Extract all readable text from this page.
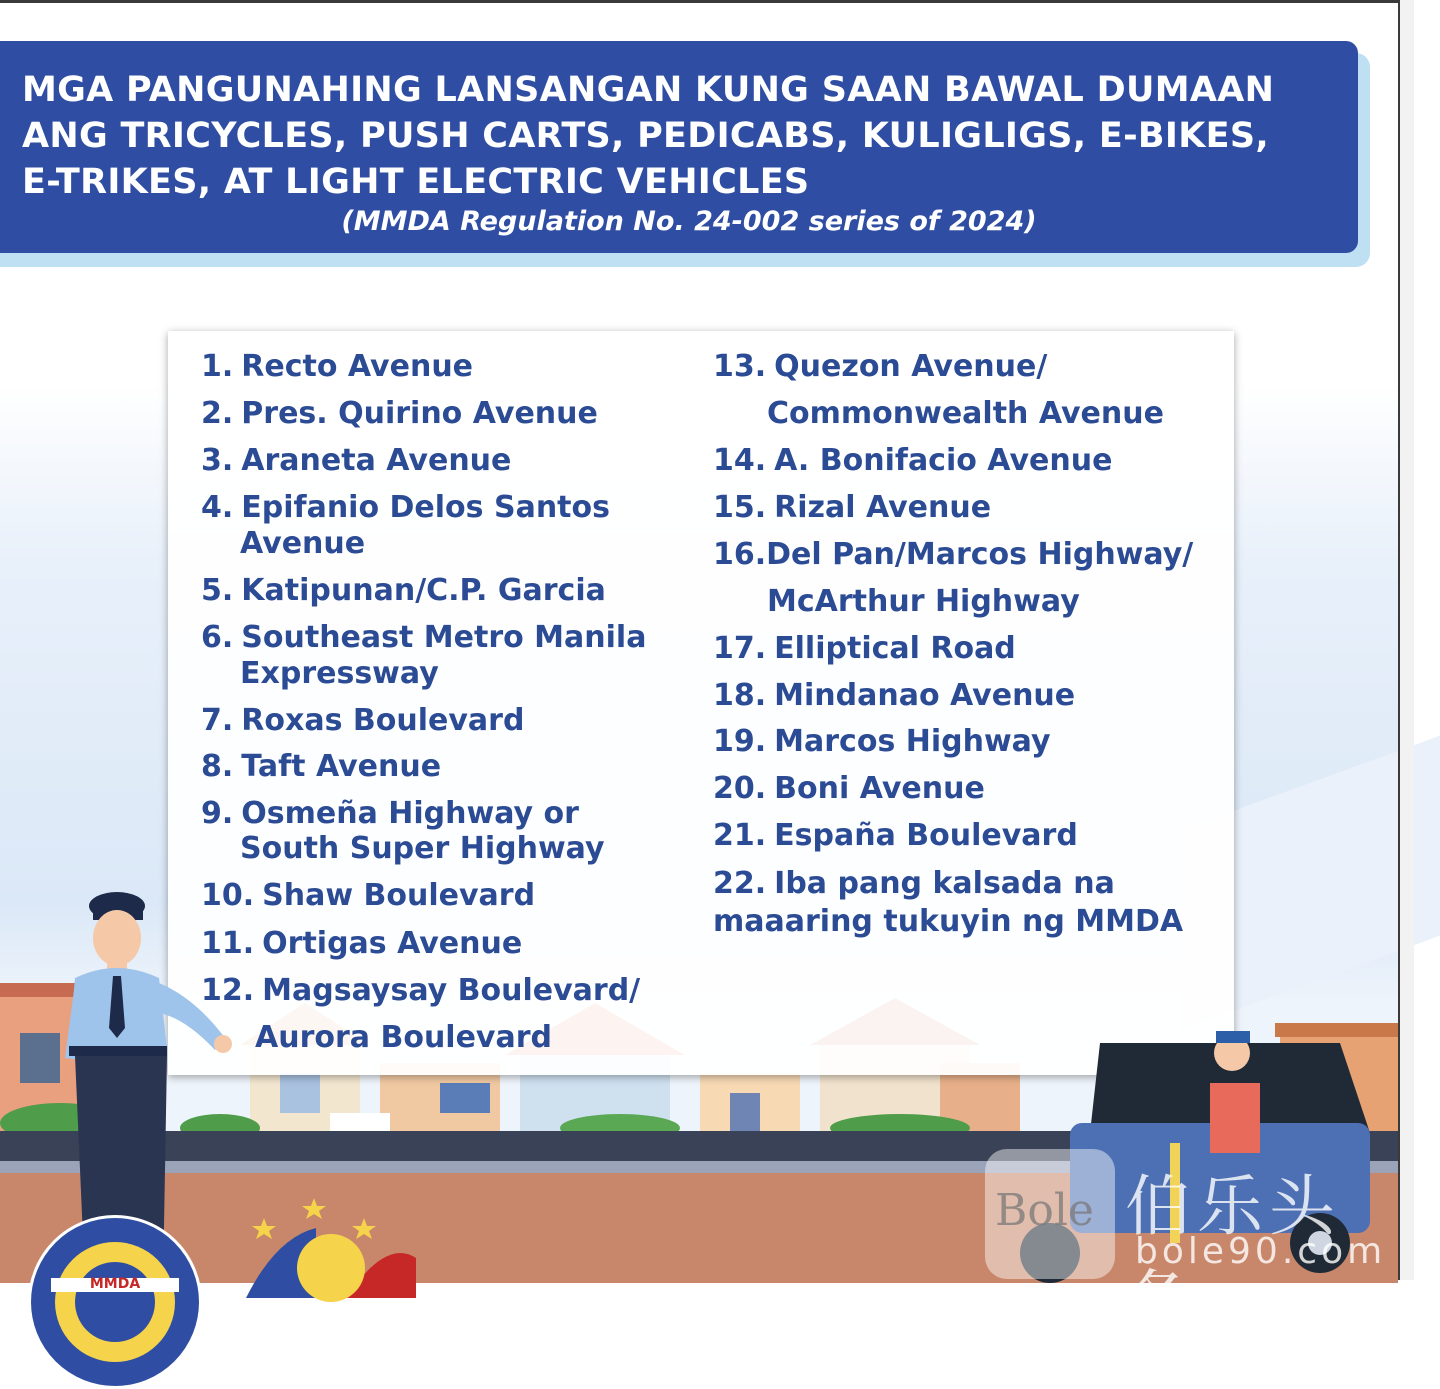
MGA PANGUNAHING LANSANGAN KUNG SAAN BAWAL DUMAAN
ANG TRICYCLES, PUSH CARTS, PEDICABS, KULIGLIGS, E-BIKES,
E-TRIKES, AT LIGHT ELECTRIC VEHICLES
(MMDA Regulation No. 24-002 series of 2024)
1. Recto Avenue
2. Pres. Quirino Avenue
3. Araneta Avenue
4. Epifanio Delos Santos
Avenue
5. Katipunan/C.P. Garcia
6. Southeast Metro Manila
Expressway
7. Roxas Boulevard
8. Taft Avenue
9. Osmeña Highway or
South Super Highway
10. Shaw Boulevard
11. Ortigas Avenue
12. Magsaysay Boulevard/
Aurora Boulevard
13. Quezon Avenue/
Commonwealth Avenue
14. A. Bonifacio Avenue
15. Rizal Avenue
16.Del Pan/Marcos Highway/
McArthur Highway
17. Elliptical Road
18. Mindanao Avenue
19. Marcos Highway
20. Boni Avenue
21. España Boulevard
22. Iba pang kalsada na
maaaring tukuyin ng MMDA
MMDA
Bole 伯乐头条
bole90.com
